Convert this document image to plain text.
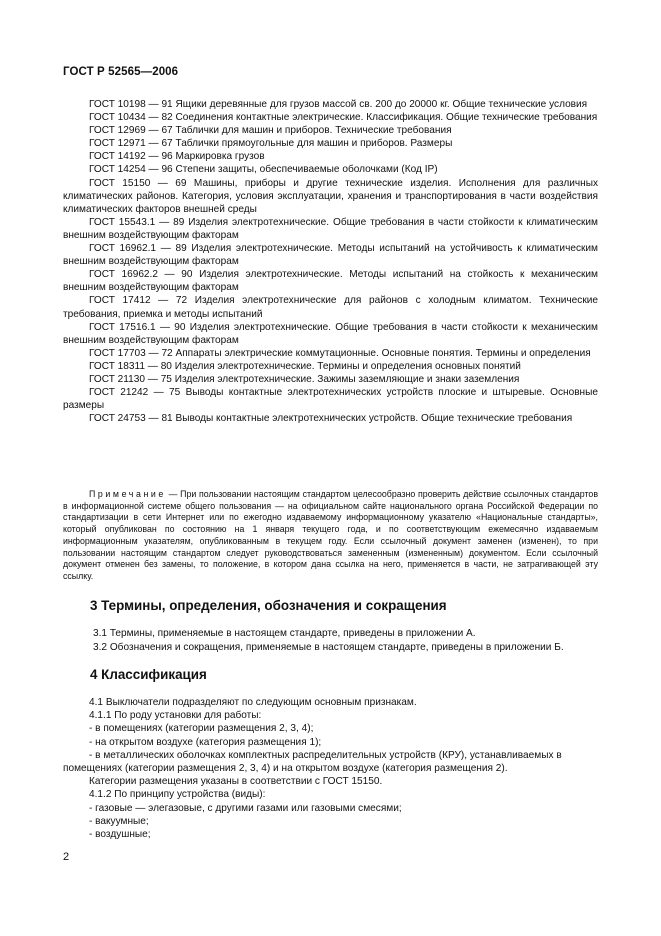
ГОСТ Р 52565—2006

ГОСТ 10198 — 91 Ящики деревянные для грузов массой св. 200 до 20000 кг. Общие технические условия

ГОСТ 10434 — 82 Соединения контактные электрические. Классификация. Общие технические требования

ГОСТ 12969 — 67 Таблички для машин и приборов. Технические требования

ГОСТ 12971 — 67 Таблички прямоугольные для машин и приборов. Размеры

ГОСТ 14192 — 96 Маркировка грузов

ГОСТ 14254 — 96 Степени защиты, обеспечиваемые оболочками (Код IP)

ГОСТ 15150 — 69 Машины, приборы и другие технические изделия. Исполнения для различных климатических районов. Категория, условия эксплуатации, хранения и транспортирования в части воздействия климатических факторов внешней среды

ГОСТ 15543.1 — 89 Изделия электротехнические. Общие требования в части стойкости к климатическим внешним воздействующим факторам

ГОСТ 16962.1 — 89 Изделия электротехнические. Методы испытаний на устойчивость к климатическим внешним воздействующим факторам

ГОСТ 16962.2 — 90 Изделия электротехнические. Методы испытаний на стойкость к механическим внешним воздействующим факторам

ГОСТ 17412 — 72 Изделия электротехнические для районов с холодным климатом. Технические требования, приемка и методы испытаний

ГОСТ 17516.1 — 90 Изделия электротехнические. Общие требования в части стойкости к механическим внешним воздействующим факторам

ГОСТ 17703 — 72 Аппараты электрические коммутационные. Основные понятия. Термины и определения

ГОСТ 18311 — 80 Изделия электротехнические. Термины и определения основных понятий

ГОСТ 21130 — 75 Изделия электротехнические. Зажимы заземляющие и знаки заземления

ГОСТ 21242 — 75 Выводы контактные электротехнических устройств плоские и штыревые. Основные размеры

ГОСТ 24753 — 81 Выводы контактные электротехнических устройств. Общие технические требования

Примечание — При пользовании настоящим стандартом целесообразно проверить действие ссылочных стандартов в информационной системе общего пользования — на официальном сайте национального органа Российской Федерации по стандартизации в сети Интернет или по ежегодно издаваемому информационному указателю «Национальные стандарты», который опубликован по состоянию на 1 января текущего года, и по соответствующим ежемесячно издаваемым информационным указателям, опубликованным в текущем году. Если ссылочный документ заменен (изменен), то при пользовании настоящим стандартом следует руководствоваться замененным (измененным) документом. Если ссылочный документ отменен без замены, то положение, в котором дана ссылка на него, применяется в части, не затрагивающей эту ссылку.

3 Термины, определения, обозначения и сокращения

3.1 Термины, применяемые в настоящем стандарте, приведены в приложении А.

3.2 Обозначения и сокращения, применяемые в настоящем стандарте, приведены в приложении Б.

4 Классификация

4.1 Выключатели подразделяют по следующим основным признакам.

4.1.1 По роду установки для работы:

- в помещениях (категории размещения 2, 3, 4);

- на открытом воздухе (категория размещения 1);

- в металлических оболочках комплектных распределительных устройств (КРУ), устанавливаемых в помещениях (категории размещения 2, 3, 4) и на открытом воздухе (категория размещения 2).

Категории размещения указаны в соответствии с ГОСТ 15150.

4.1.2 По принципу устройства (виды):

- газовые — элегазовые, с другими газами или газовыми смесями;

- вакуумные;

- воздушные;

2
